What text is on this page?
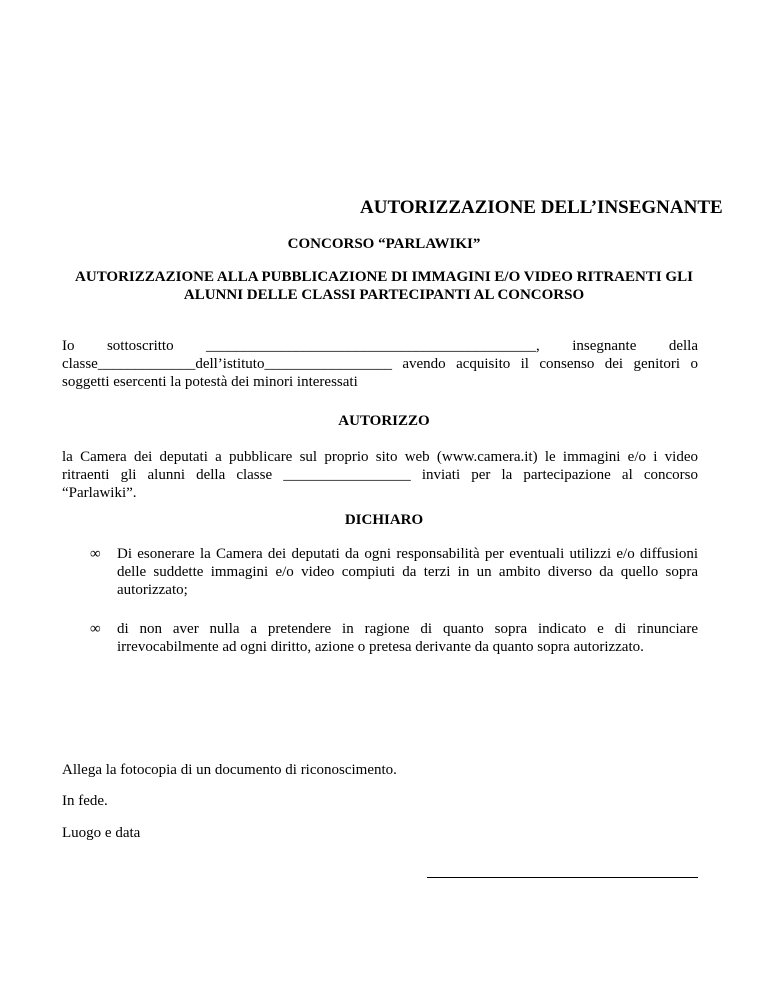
AUTORIZZAZIONE DELL’INSEGNANTE
CONCORSO “PARLAWIKI”
AUTORIZZAZIONE ALLA PUBBLICAZIONE DI IMMAGINI E/O VIDEO RITRAENTI GLI
ALUNNI DELLE CLASSI PARTECIPANTI AL CONCORSO
Io sottoscritto ____________________________________________, insegnante della
classe_____________dell’istituto_________________ avendo acquisito il consenso dei genitori o
soggetti esercenti la potestà dei minori interessati
AUTORIZZO
la Camera dei deputati a pubblicare sul proprio sito web (www.camera.it) le immagini e/o i video
ritraenti gli alunni della classe _________________ inviati per la partecipazione al concorso
“Parlawiki”.
DICHIARO
∞ Di esonerare la Camera dei deputati da ogni responsabilità per eventuali utilizzi e/o diffusioni
delle suddette immagini e/o video compiuti da terzi in un ambito diverso da quello sopra
autorizzato;
∞ di non aver nulla a pretendere in ragione di quanto sopra indicato e di rinunciare
irrevocabilmente ad ogni diritto, azione o pretesa derivante da quanto sopra autorizzato.
Allega la fotocopia di un documento di riconoscimento.
In fede.
Luogo e data
